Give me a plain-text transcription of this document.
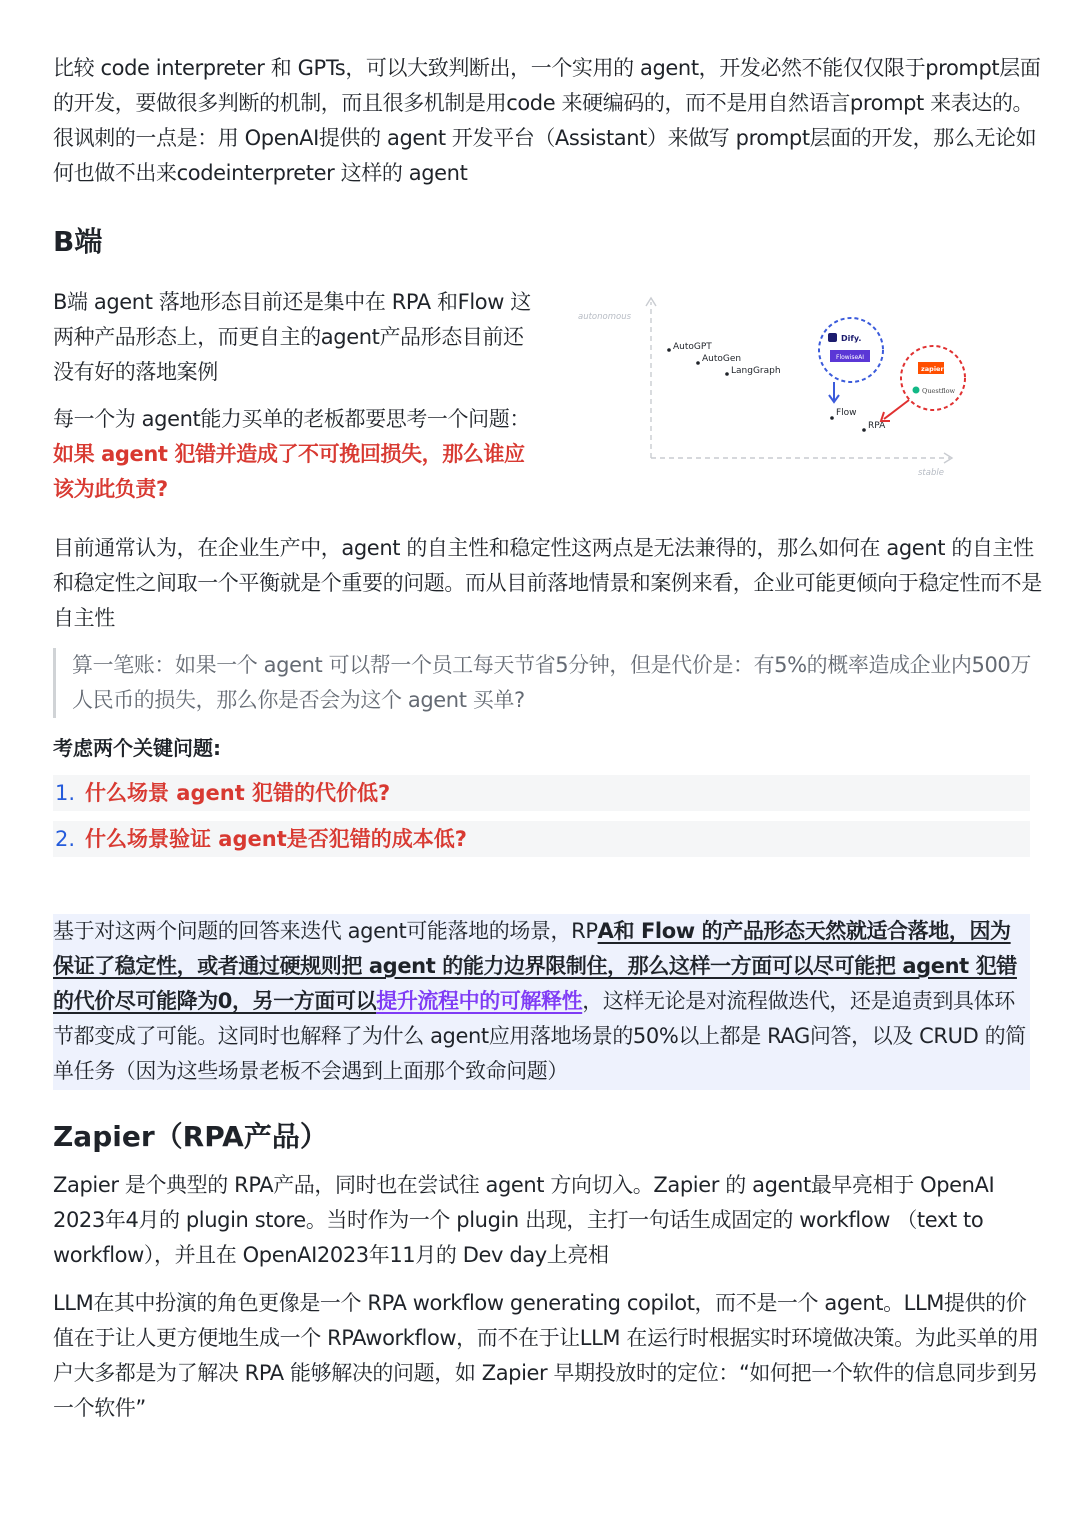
比较 code interpreter 和 GPTs，可以大致判断出，一个实用的 agent，开发必然不能仅仅限于prompt层面的开发，要做很多判断的机制，而且很多机制是用code 来硬编码的，而不是用自然语言prompt 来表达的。很讽刺的一点是：用 OpenAI提供的 agent 开发平台（Assistant）来做写 prompt层面的开发，那么无论如何也做不出来codeinterpreter 这样的 agent

B端

B端 agent 落地形态目前还是集中在 RPA 和Flow 这两种产品形态上，而更自主的agent产品形态目前还没有好的落地案例

每一个为 agent能力买单的老板都要思考一个问题：如果 agent 犯错并造成了不可挽回损失，那么谁应该为此负责?

autonomous
stable
AutoGPT
AutoGen
LangGraph
Flow
RPA
Dify.
FlowiseAI
zapier
Questflow

目前通常认为，在企业生产中，agent 的自主性和稳定性这两点是无法兼得的，那么如何在 agent 的自主性和稳定性之间取一个平衡就是个重要的问题。而从目前落地情景和案例来看，企业可能更倾向于稳定性而不是自主性

算一笔账：如果一个 agent 可以帮一个员工每天节省5分钟，但是代价是：有5%的概率造成企业内500万人民币的损失，那么你是否会为这个 agent 买单?

考虑两个关键问题:

1. 什么场景 agent 犯错的代价低?
2. 什么场景验证 agent是否犯错的成本低?

基于对这两个问题的回答来迭代 agent可能落地的场景，RPA和 Flow 的产品形态天然就适合落地，因为保证了稳定性，或者通过硬规则把 agent 的能力边界限制住，那么这样一方面可以尽可能把 agent 犯错的代价尽可能降为0，另一方面可以提升流程中的可解释性，这样无论是对流程做迭代，还是追责到具体环节都变成了可能。这同时也解释了为什么 agent应用落地场景的50%以上都是 RAG问答，以及 CRUD 的简单任务（因为这些场景老板不会遇到上面那个致命问题）

Zapier（RPA产品）

Zapier 是个典型的 RPA产品，同时也在尝试往 agent 方向切入。Zapier 的 agent最早亮相于 OpenAI 2023年4月的 plugin store。当时作为一个 plugin 出现，主打一句话生成固定的 workflow （text to workflow），并且在 OpenAI2023年11月的 Dev day上亮相

LLM在其中扮演的角色更像是一个 RPA workflow generating copilot，而不是一个 agent。LLM提供的价值在于让人更方便地生成一个 RPAworkflow，而不在于让LLM 在运行时根据实时环境做决策。为此买单的用户大多都是为了解决 RPA 能够解决的问题，如 Zapier 早期投放时的定位：“如何把一个软件的信息同步到另一个软件”
